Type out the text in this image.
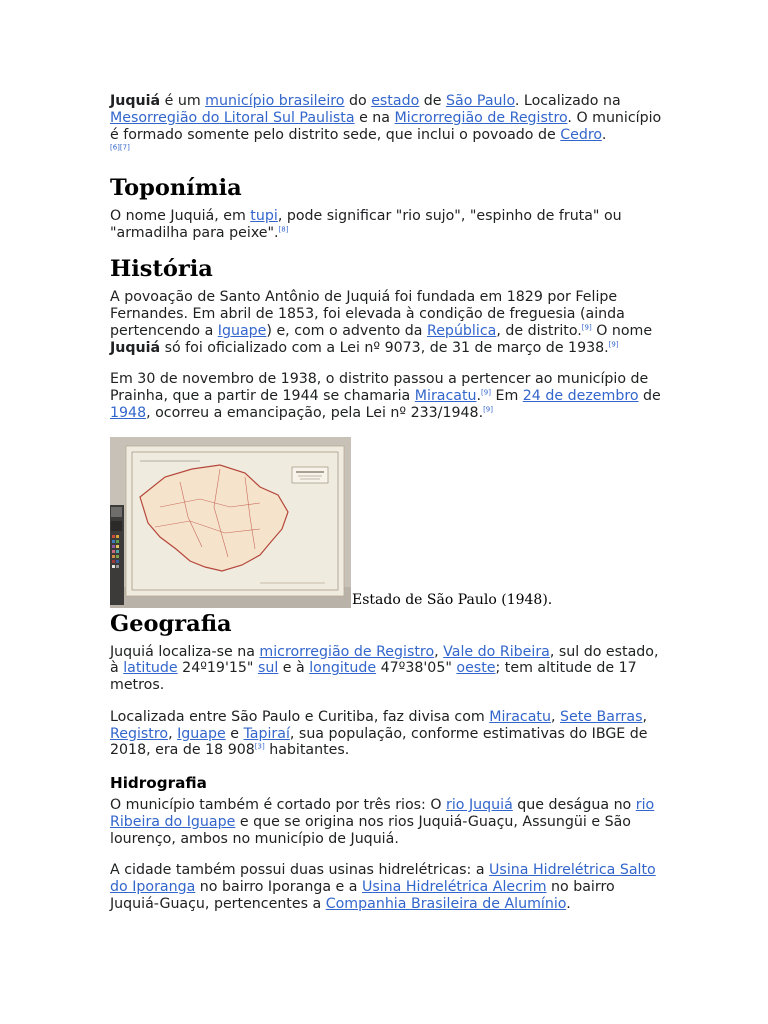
Juquiá é um município brasileiro do estado de São Paulo. Localizado na Mesorregião do Litoral Sul Paulista e na Microrregião de Registro. O município é formado somente pelo distrito sede, que inclui o povoado de Cedro.
[6][7]

Toponímia

O nome Juquiá, em tupi, pode significar "rio sujo", "espinho de fruta" ou "armadilha para peixe".[8]

História

A povoação de Santo Antônio de Juquiá foi fundada em 1829 por Felipe Fernandes. Em abril de 1853, foi elevada à condição de freguesia (ainda pertencendo a Iguape) e, com o advento da República, de distrito.[9] O nome Juquiá só foi oficializado com a Lei nº 9073, de 31 de março de 1938.[9]

Em 30 de novembro de 1938, o distrito passou a pertencer ao município de Prainha, que a partir de 1944 se chamaria Miracatu.[9] Em 24 de dezembro de 1948, ocorreu a emancipação, pela Lei nº 233/1948.[9]

Estado de São Paulo (1948).
Geografia

Juquiá localiza-se na microrregião de Registro, Vale do Ribeira, sul do estado, à latitude 24º19'15" sul e à longitude 47º38'05" oeste; tem altitude de 17 metros.

Localizada entre São Paulo e Curitiba, faz divisa com Miracatu, Sete Barras, Registro, Iguape e Tapiraí, sua população, conforme estimativas do IBGE de 2018, era de 18 908[3] habitantes.

Hidrografia

O município também é cortado por três rios: O rio Juquiá que deságua no rio Ribeira do Iguape e que se origina nos rios Juquiá-Guaçu, Assungüi e São lourenço, ambos no município de Juquiá.

A cidade também possui duas usinas hidrelétricas: a Usina Hidrelétrica Salto do Iporanga no bairro Iporanga e a Usina Hidrelétrica Alecrim no bairro Juquiá-Guaçu, pertencentes a Companhia Brasileira de Alumínio.
